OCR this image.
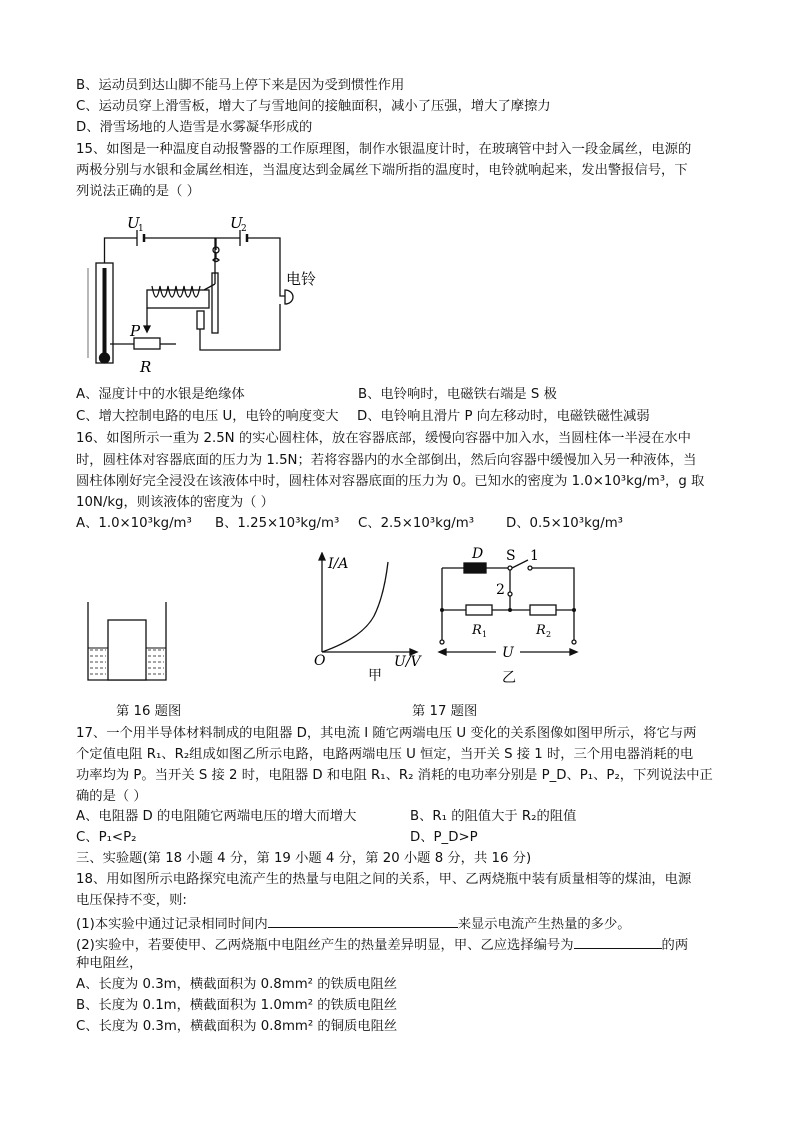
B、运动员到达山脚不能马上停下来是因为受到惯性作用
C、运动员穿上滑雪板，增大了与雪地间的接触面积，减小了压强，增大了摩擦力
D、滑雪场地的人造雪是水雾凝华形成的
15、如图是一种温度自动报警器的工作原理图，制作水银温度计时，在玻璃管中封入一段金属丝，电源的
两极分别与水银和金属丝相连，当温度达到金属丝下端所指的温度时，电铃就响起来，发出警报信号，下
列说法正确的是（ ）
U
1	U
2
电铃
P
R
A、湿度计中的水银是绝缘体	B、电铃响时，电磁铁右端是 S 极
C、增大控制电路的电压 U，电铃的响度变大 D、电铃响且滑片 P 向左移动时，电磁铁磁性减弱
16、如图所示一重为 2.5N 的实心圆柱体，放在容器底部，缓慢向容器中加入水，当圆柱体一半浸在水中
时，圆柱体对容器底面的压力为 1.5N；若将容器内的水全部倒出，然后向容器中缓慢加入另一种液体，当
圆柱体刚好完全浸没在该液体中时，圆柱体对容器底面的压力为 0。已知水的密度为 1.0×10³kg/m³，g 取
10N/kg，则该液体的密度为（ ）
A、1.0×10³kg/m³ B、1.25×10³kg/m³ C、2.5×10³kg/m³ D、0.5×10³kg/m³
I/A
U/V
O
甲
D S 1
2
R 1	R 2
U
乙
第 16 题图	第 17 题图
17、一个用半导体材料制成的电阻器 D，其电流 I 随它两端电压 U 变化的关系图像如图甲所示，将它与两
个定值电阻 R₁、R₂组成如图乙所示电路，电路两端电压 U 恒定，当开关 S 接 1 时，三个用电器消耗的电
功率均为 P。当开关 S 接 2 时，电阻器 D 和电阻 R₁、R₂ 消耗的电功率分别是 P_D、P₁、P₂，下列说法中正
确的是（ ）
A、电阻器 D 的电阻随它两端电压的增大而增大	B、R₁ 的阻值大于 R₂的阻值
C、P₁<P₂	D、P_D>P
三、实验题(第 18 小题 4 分，第 19 小题 4 分，第 20 小题 8 分，共 16 分)
18、用如图所示电路探究电流产生的热量与电阻之间的关系，甲、乙两烧瓶中装有质量相等的煤油，电源
电压保持不变，则:
(1)本实验中通过记录相同时间内	来显示电流产生热量的多少。
(2)实验中，若要使甲、乙两烧瓶中电阻丝产生的热量差异明显，甲、乙应选择编号为	的两
种电阻丝，
A、长度为 0.3m，横截面积为 0.8mm² 的铁质电阻丝
B、长度为 0.1m，横截面积为 1.0mm² 的铁质电阻丝
C、长度为 0.3m，横截面积为 0.8mm² 的铜质电阻丝
